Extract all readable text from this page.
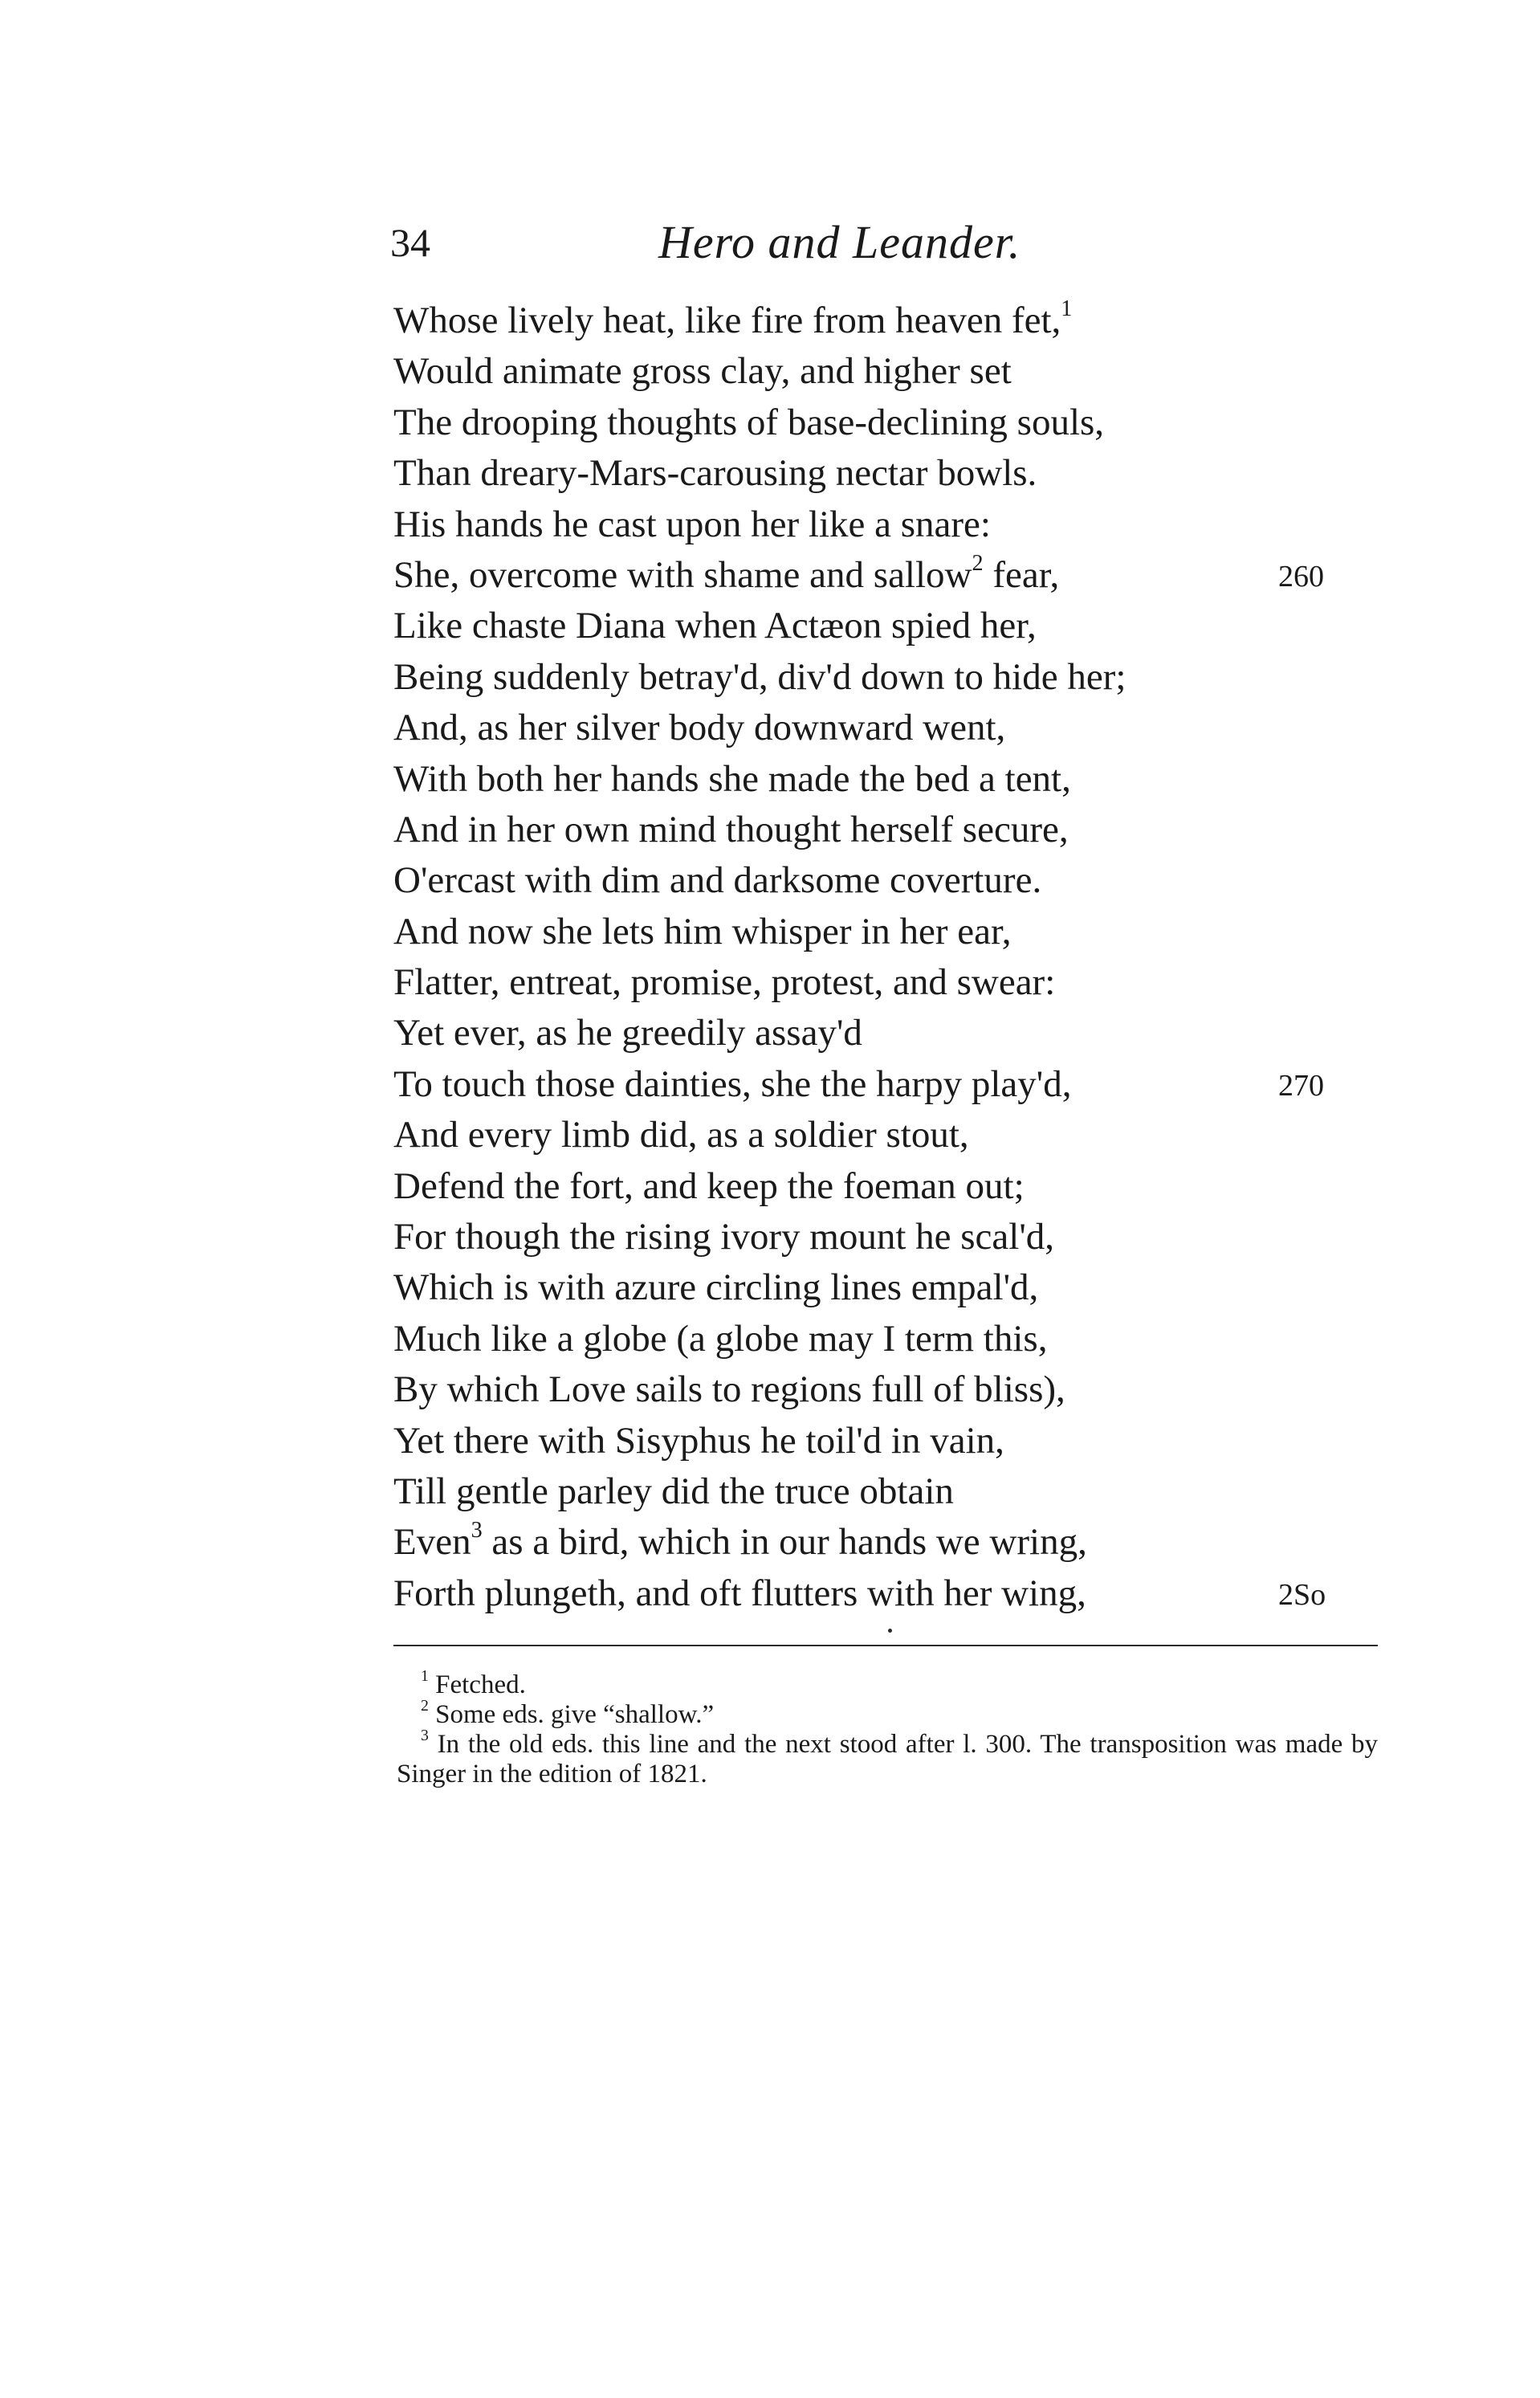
34	Hero and Leander.
Whose lively heat, like fire from heaven fet,$^1$
Would animate gross clay, and higher set
The drooping thoughts of base-declining souls,
Than dreary-Mars-carousing nectar bowls.
His hands he cast upon her like a snare:
She, overcome with shame and sallow$^2$ fear,	260
Like chaste Diana when Actæon spied her,
Being suddenly betray'd, div'd down to hide her;
And, as her silver body downward went,
With both her hands she made the bed a tent,
And in her own mind thought herself secure,
O'ercast with dim and darksome coverture.
And now she lets him whisper in her ear,
Flatter, entreat, promise, protest, and swear:
Yet ever, as he greedily assay'd
To touch those dainties, she the harpy play'd,	270
And every limb did, as a soldier stout,
Defend the fort, and keep the foeman out;
For though the rising ivory mount he scal'd,
Which is with azure circling lines empal'd,
Much like a globe (a globe may I term this,
By which Love sails to regions full of bliss),
Yet there with Sisyphus he toil'd in vain,
Till gentle parley did the truce obtain
Even$^3$ as a bird, which in our hands we wring,
Forth plungeth, and oft flutters with her wing,	2So
$^1$ Fetched.
$^2$ Some eds. give “shallow.”
$^3$ In the old eds. this line and the next stood after l. 300. The transposition was made by Singer in the edition of 1821.
